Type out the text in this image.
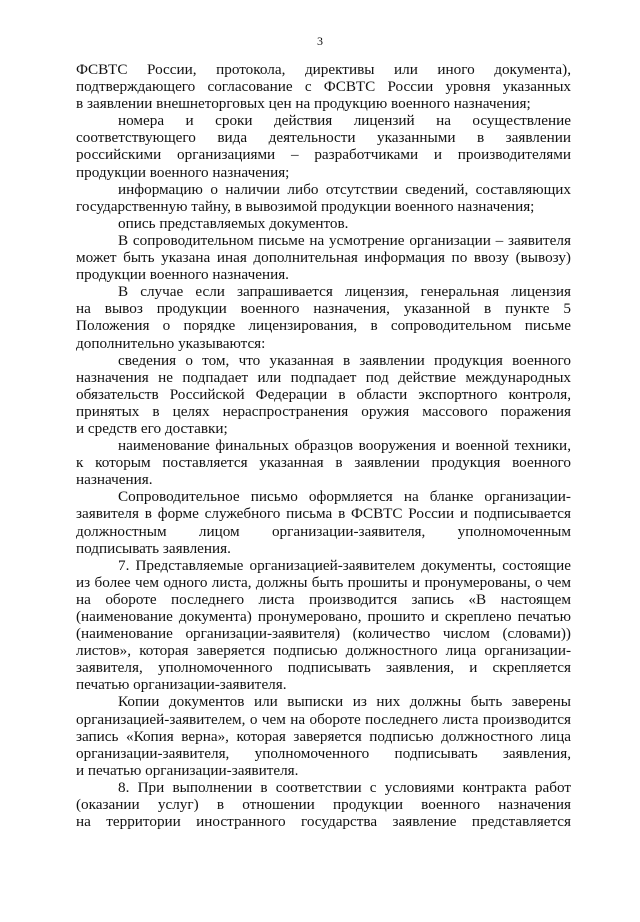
3
ФСВТС России, протокола, директивы или иного документа),
подтверждающего согласование с ФСВТС России уровня указанных
в заявлении внешнеторговых цен на продукцию военного назначения;
номера и сроки действия лицензий на осуществление
соответствующего вида деятельности указанными в заявлении
российскими организациями – разработчиками и производителями
продукции военного назначения;
информацию о наличии либо отсутствии сведений, составляющих
государственную тайну, в вывозимой продукции военного назначения;
опись представляемых документов.
В сопроводительном письме на усмотрение организации – заявителя
может быть указана иная дополнительная информация по ввозу (вывозу)
продукции военного назначения.
В случае если запрашивается лицензия, генеральная лицензия
на вывоз продукции военного назначения, указанной в пункте 5
Положения о порядке лицензирования, в сопроводительном письме
дополнительно указываются:
сведения о том, что указанная в заявлении продукция военного
назначения не подпадает или подпадает под действие международных
обязательств Российской Федерации в области экспортного контроля,
принятых в целях нераспространения оружия массового поражения
и средств его доставки;
наименование финальных образцов вооружения и военной техники,
к которым поставляется указанная в заявлении продукция военного
назначения.
Сопроводительное письмо оформляется на бланке организации-
заявителя в форме служебного письма в ФСВТС России и подписывается
должностным лицом организации-заявителя, уполномоченным
подписывать заявления.
7. Представляемые организацией-заявителем документы, состоящие
из более чем одного листа, должны быть прошиты и пронумерованы, о чем
на обороте последнего листа производится запись «В настоящем
(наименование документа) пронумеровано, прошито и скреплено печатью
(наименование организации-заявителя) (количество числом (словами))
листов», которая заверяется подписью должностного лица организации-
заявителя, уполномоченного подписывать заявления, и скрепляется
печатью организации-заявителя.
Копии документов или выписки из них должны быть заверены
организацией-заявителем, о чем на обороте последнего листа производится
запись «Копия верна», которая заверяется подписью должностного лица
организации-заявителя, уполномоченного подписывать заявления,
и печатью организации-заявителя.
8. При выполнении в соответствии с условиями контракта работ
(оказании услуг) в отношении продукции военного назначения
на территории иностранного государства заявление представляется
